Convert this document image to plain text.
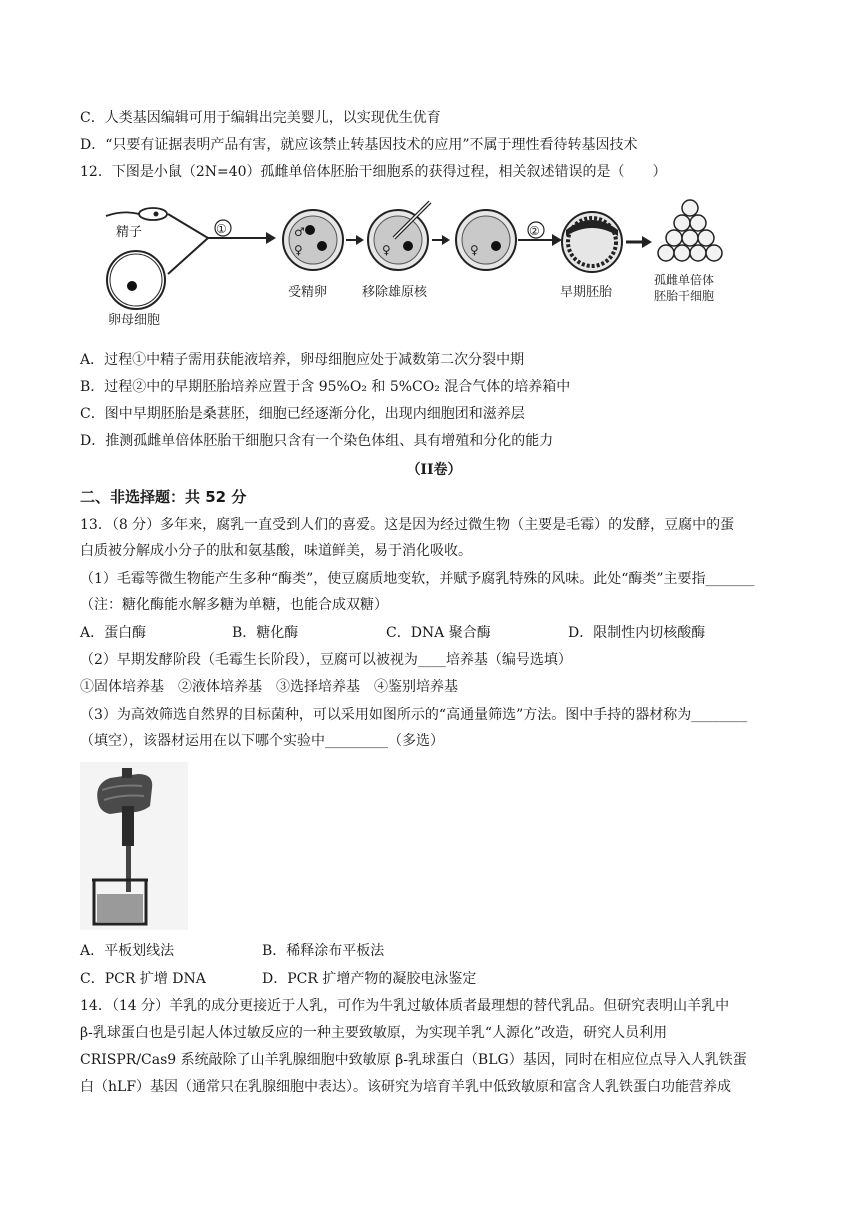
C．人类基因编辑可用于编辑出完美婴儿，以实现优生优育
D．“只要有证据表明产品有害，就应该禁止转基因技术的应用”不属于理性看待转基因技术
12．下图是小鼠（2N=40）孤雌单倍体胚胎干细胞系的获得过程，相关叙述错误的是（　　）
精子
卵母细胞
①	♂
♀
受精卵
♀
移除雄原核
♀
②
早期胚胎
孤雌单倍体
胚胎干细胞
A．过程①中精子需用获能液培养，卵母细胞应处于减数第二次分裂中期
B．过程②中的早期胚胎培养应置于含 95%O₂ 和 5%CO₂ 混合气体的培养箱中
C．图中早期胚胎是桑葚胚，细胞已经逐渐分化，出现内细胞团和滋养层
D．推测孤雌单倍体胚胎干细胞只含有一个染色体组、具有增殖和分化的能力
（II卷）
二、非选择题：共 52 分
13．（8 分）多年来，腐乳一直受到人们的喜爱。这是因为经过微生物（主要是毛霉）的发酵，豆腐中的蛋
白质被分解成小分子的肽和氨基酸，味道鲜美，易于消化吸收。
（1）毛霉等微生物能产生多种“酶类”，使豆腐质地变软，并赋予腐乳特殊的风味。此处“酶类”主要指_______
（注：糖化酶能水解多糖为单糖，也能合成双糖）
A．蛋白酶	B．糖化酶	C．DNA 聚合酶	D．限制性内切核酸酶
（2）早期发酵阶段（毛霉生长阶段），豆腐可以被视为____培养基（编号选填）
①固体培养基　②液体培养基　③选择培养基　④鉴别培养基
（3）为高效筛选自然界的目标菌种，可以采用如图所示的“高通量筛选”方法。图中手持的器材称为________
（填空），该器材运用在以下哪个实验中_________（多选）
A．平板划线法	B．稀释涂布平板法
C．PCR 扩增 DNA	D．PCR 扩增产物的凝胶电泳鉴定
14．（14 分）羊乳的成分更接近于人乳，可作为牛乳过敏体质者最理想的替代乳品。但研究表明山羊乳中
β-乳球蛋白也是引起人体过敏反应的一种主要致敏原，为实现羊乳“人源化”改造，研究人员利用
CRISPR/Cas9 系统敲除了山羊乳腺细胞中致敏原 β-乳球蛋白（BLG）基因，同时在相应位点导入人乳铁蛋
白（hLF）基因（通常只在乳腺细胞中表达）。该研究为培育羊乳中低致敏原和富含人乳铁蛋白功能营养成
